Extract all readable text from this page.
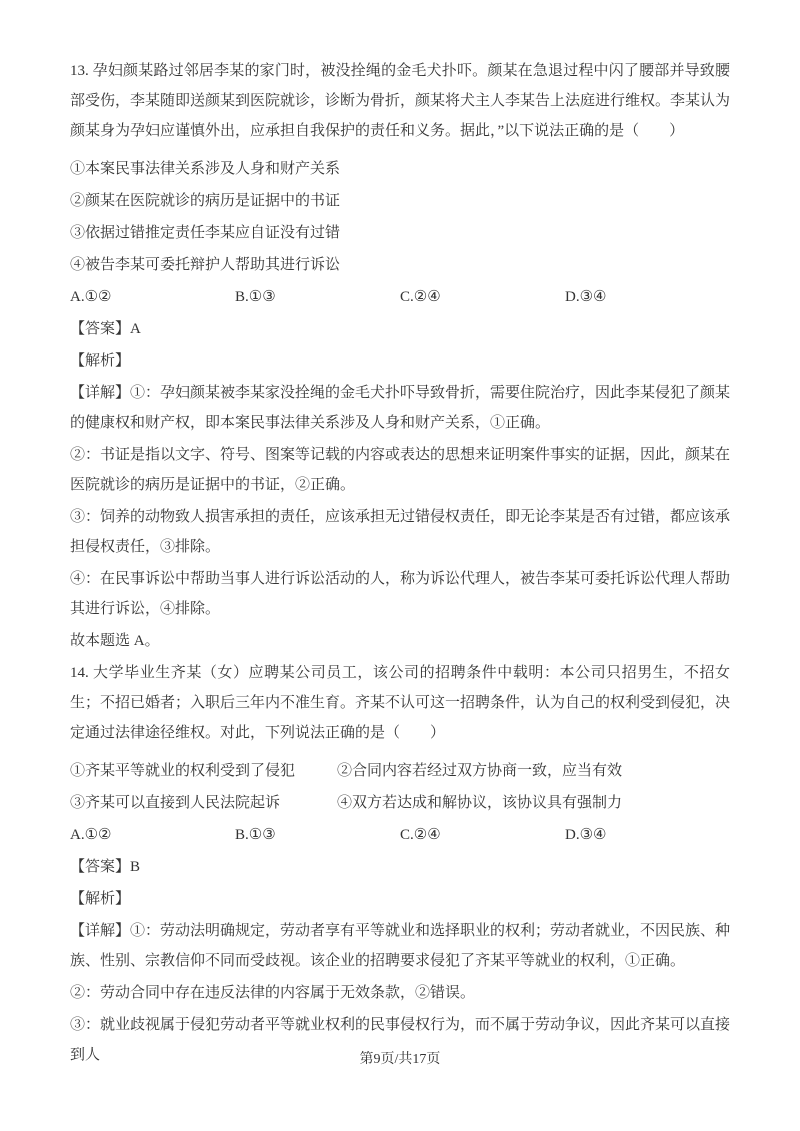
13. 孕妇颜某路过邻居李某的家门时，被没拴绳的金毛犬扑吓。颜某在急退过程中闪了腰部并导致腰部受伤，李某随即送颜某到医院就诊，诊断为骨折，颜某将犬主人李某告上法庭进行维权。李某认为颜某身为孕妇应谨慎外出，应承担自我保护的责任和义务。据此，”以下说法正确的是（　　）

①本案民事法律关系涉及人身和财产关系

②颜某在医院就诊的病历是证据中的书证

③依据过错推定责任李某应自证没有过错

④被告李某可委托辩护人帮助其进行诉讼

A.①②	B.①③	C.②④	D.③④

【答案】A

【解析】

【详解】①：孕妇颜某被李某家没拴绳的金毛犬扑吓导致骨折，需要住院治疗，因此李某侵犯了颜某的健康权和财产权，即本案民事法律关系涉及人身和财产关系，①正确。

②：书证是指以文字、符号、图案等记载的内容或表达的思想来证明案件事实的证据，因此，颜某在医院就诊的病历是证据中的书证，②正确。

③：饲养的动物致人损害承担的责任，应该承担无过错侵权责任，即无论李某是否有过错，都应该承担侵权责任，③排除。

④：在民事诉讼中帮助当事人进行诉讼活动的人，称为诉讼代理人，被告李某可委托诉讼代理人帮助其进行诉讼，④排除。

故本题选 A。

14. 大学毕业生齐某（女）应聘某公司员工，该公司的招聘条件中载明：本公司只招男生，不招女生；不招已婚者；入职后三年内不准生育。齐某不认可这一招聘条件，认为自己的权利受到侵犯，决定通过法律途径维权。对此，下列说法正确的是（　　）

①齐某平等就业的权利受到了侵犯	②合同内容若经过双方协商一致，应当有效
③齐某可以直接到人民法院起诉	④双方若达成和解协议，该协议具有强制力
A.①②	B.①③	C.②④	D.③④

【答案】B

【解析】

【详解】①：劳动法明确规定，劳动者享有平等就业和选择职业的权利；劳动者就业，不因民族、种族、性别、宗教信仰不同而受歧视。该企业的招聘要求侵犯了齐某平等就业的权利，①正确。

②：劳动合同中存在违反法律的内容属于无效条款，②错误。

③：就业歧视属于侵犯劳动者平等就业权利的民事侵权行为，而不属于劳动争议，因此齐某可以直接到人	第9页/共17页
